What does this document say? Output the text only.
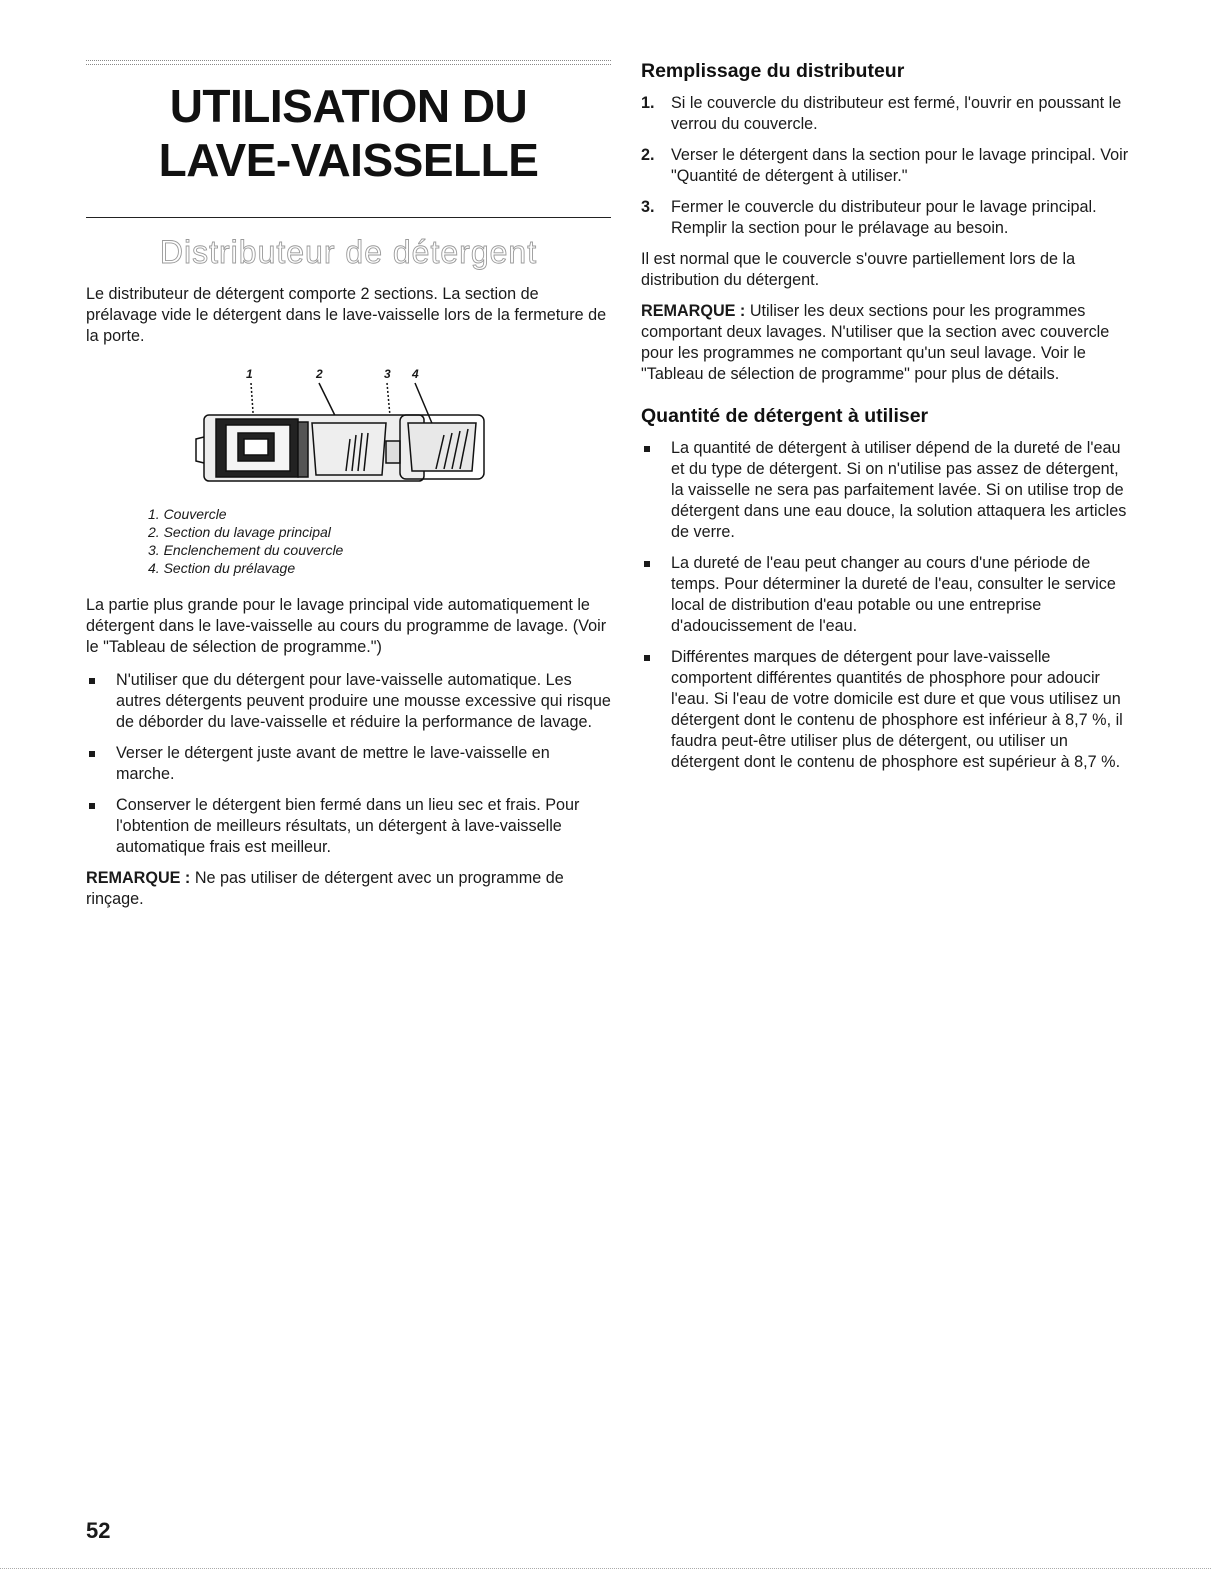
UTILISATION DU
LAVE-VAISSELLE
Distributeur de détergent

Le distributeur de détergent comporte 2 sections. La section de prélavage vide le détergent dans le lave-vaisselle lors de la fermeture de la porte.

1	2	3 4
1. Couvercle
2. Section du lavage principal
3. Enclenchement du couvercle
4. Section du prélavage

La partie plus grande pour le lavage principal vide automatiquement le détergent dans le lave-vaisselle au cours du programme de lavage. (Voir le "Tableau de sélection de programme.")

N'utiliser que du détergent pour lave-vaisselle automatique. Les autres détergents peuvent produire une mousse excessive qui risque de déborder du lave-vaisselle et réduire la performance de lavage.
Verser le détergent juste avant de mettre le lave-vaisselle en marche.
Conserver le détergent bien fermé dans un lieu sec et frais. Pour l'obtention de meilleurs résultats, un détergent à lave-vaisselle automatique frais est meilleur.

REMARQUE : Ne pas utiliser de détergent avec un programme de rinçage.

Remplissage du distributeur
1. Si le couvercle du distributeur est fermé, l'ouvrir en poussant le verrou du couvercle.
2. Verser le détergent dans la section pour le lavage principal. Voir "Quantité de détergent à utiliser."
3. Fermer le couvercle du distributeur pour le lavage principal. Remplir la section pour le prélavage au besoin.

Il est normal que le couvercle s'ouvre partiellement lors de la distribution du détergent.

REMARQUE : Utiliser les deux sections pour les programmes comportant deux lavages. N'utiliser que la section avec couvercle pour les programmes ne comportant qu'un seul lavage. Voir le "Tableau de sélection de programme" pour plus de détails.

Quantité de détergent à utiliser
La quantité de détergent à utiliser dépend de la dureté de l'eau et du type de détergent. Si on n'utilise pas assez de détergent, la vaisselle ne sera pas parfaitement lavée. Si on utilise trop de détergent dans une eau douce, la solution attaquera les articles de verre.
La dureté de l'eau peut changer au cours d'une période de temps. Pour déterminer la dureté de l'eau, consulter le service local de distribution d'eau potable ou une entreprise d'adoucissement de l'eau.
Différentes marques de détergent pour lave-vaisselle comportent différentes quantités de phosphore pour adoucir l'eau. Si l'eau de votre domicile est dure et que vous utilisez un détergent dont le contenu de phosphore est inférieur à 8,7 %, il faudra peut-être utiliser plus de détergent, ou utiliser un détergent dont le contenu de phosphore est supérieur à 8,7 %.
52
